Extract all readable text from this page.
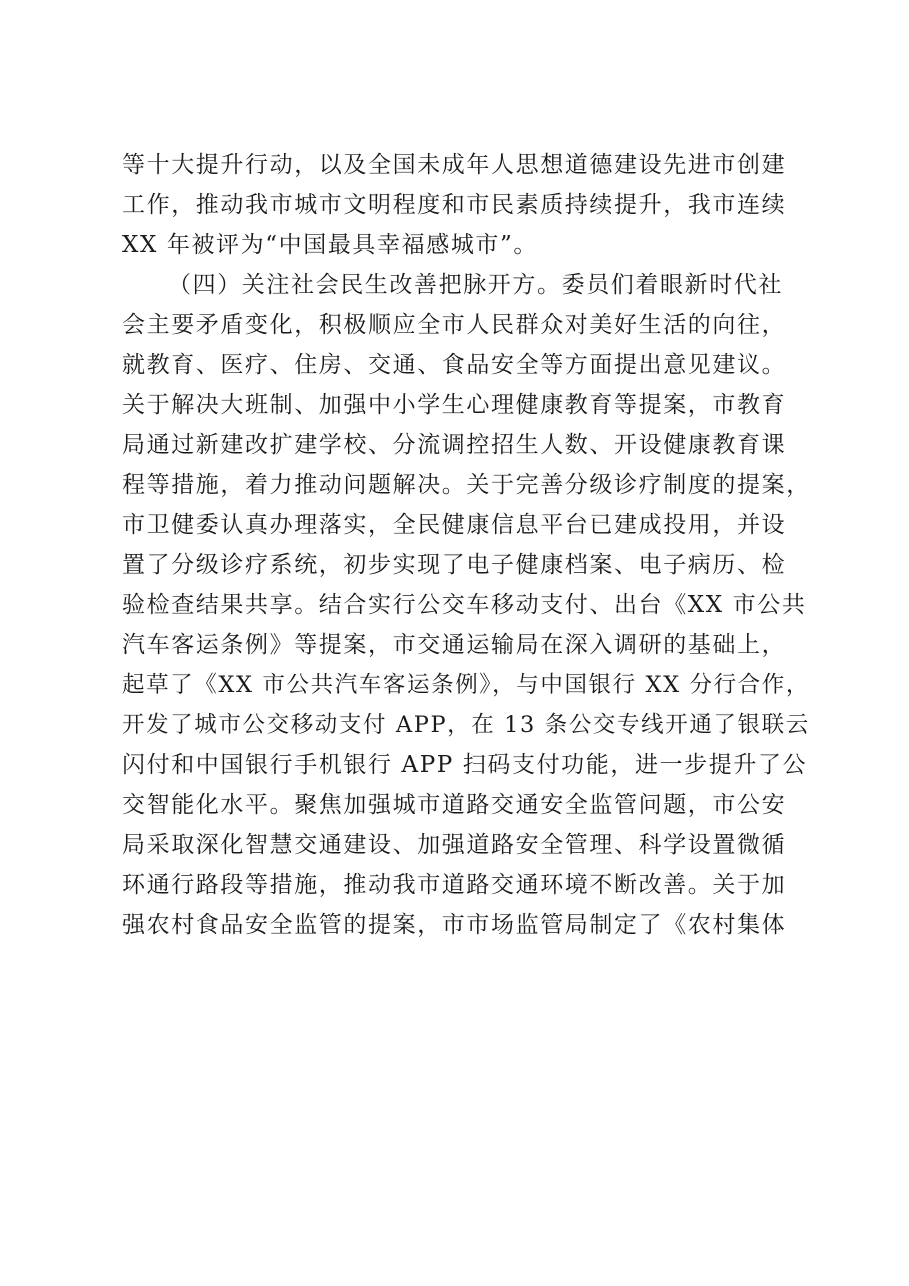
等十大提升行动，以及全国未成年人思想道德建设先进市创建
工作，推动我市城市文明程度和市民素质持续提升，我市连续
XX 年被评为“中国最具幸福感城市”。
（四）关注社会民生改善把脉开方。委员们着眼新时代社
会主要矛盾变化，积极顺应全市人民群众对美好生活的向往，
就教育、医疗、住房、交通、食品安全等方面提出意见建议。
关于解决大班制、加强中小学生心理健康教育等提案，市教育
局通过新建改扩建学校、分流调控招生人数、开设健康教育课
程等措施，着力推动问题解决。关于完善分级诊疗制度的提案，
市卫健委认真办理落实，全民健康信息平台已建成投用，并设
置了分级诊疗系统，初步实现了电子健康档案、电子病历、检
验检查结果共享。结合实行公交车移动支付、出台《XX 市公共
汽车客运条例》等提案，市交通运输局在深入调研的基础上，
起草了《XX 市公共汽车客运条例》，与中国银行 XX 分行合作，
开发了城市公交移动支付 APP，在 13 条公交专线开通了银联云
闪付和中国银行手机银行 APP 扫码支付功能，进一步提升了公
交智能化水平。聚焦加强城市道路交通安全监管问题，市公安
局采取深化智慧交通建设、加强道路安全管理、科学设置微循
环通行路段等措施，推动我市道路交通环境不断改善。关于加
强农村食品安全监管的提案，市市场监管局制定了《农村集体
